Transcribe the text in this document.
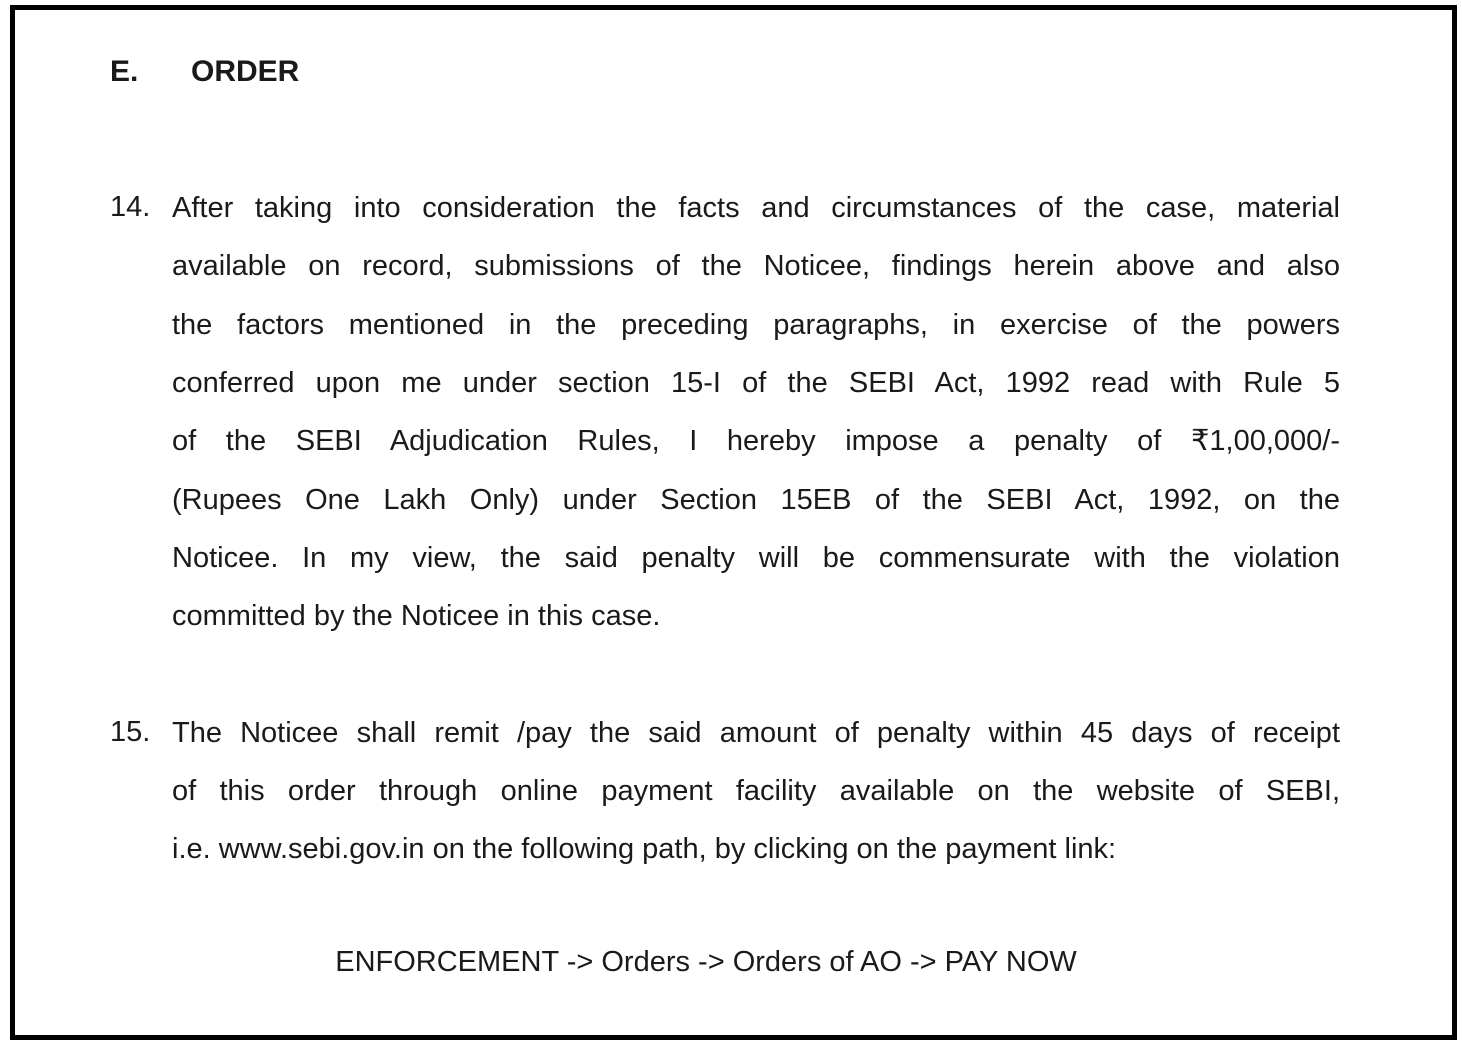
E. ORDER
14. After taking into consideration the facts and circumstances of the case, material
available on record, submissions of the Noticee, findings herein above and also
the factors mentioned in the preceding paragraphs, in exercise of the powers
conferred upon me under section 15-I of the SEBI Act, 1992 read with Rule 5
of the SEBI Adjudication Rules, I hereby impose a penalty of ₹1,00,000/-
(Rupees One Lakh Only) under Section 15EB of the SEBI Act, 1992, on the
Noticee. In my view, the said penalty will be commensurate with the violation
committed by the Noticee in this case.
15. The Noticee shall remit /pay the said amount of penalty within 45 days of receipt
of this order through online payment facility available on the website of SEBI,
i.e. www.sebi.gov.in on the following path, by clicking on the payment link:
ENFORCEMENT -> Orders -> Orders of AO -> PAY NOW
